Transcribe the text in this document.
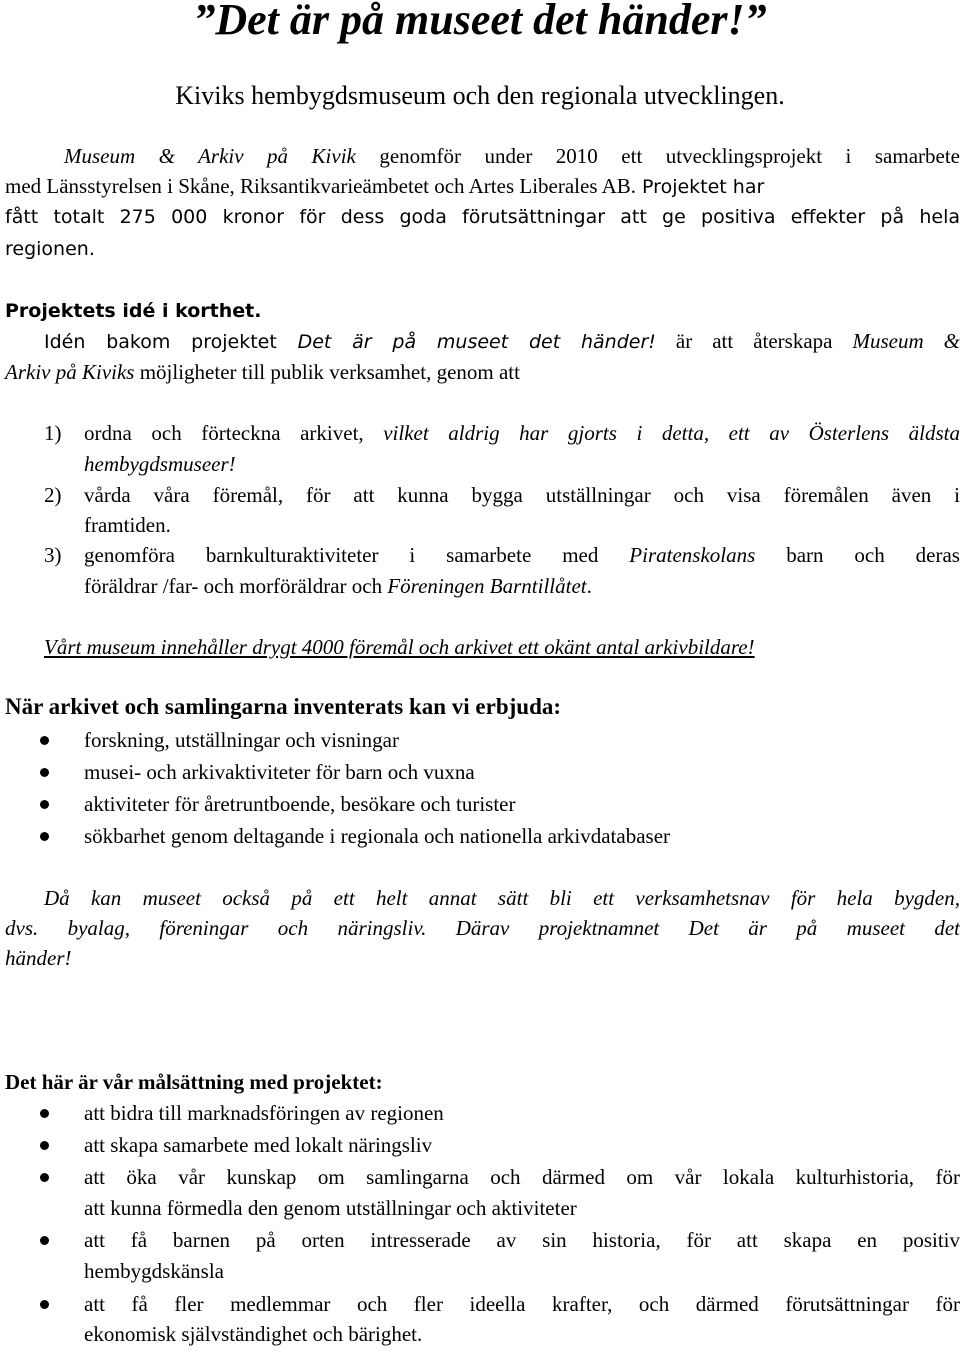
”Det är på museet det händer!”
Kiviks hembygdsmuseum och den regionala utvecklingen.
Museum & Arkiv på Kivik genomför under 2010 ett utvecklingsprojekt i samarbete
med Länsstyrelsen i Skåne, Riksantikvarieämbetet och Artes Liberales AB. Projektet har
fått totalt 275 000 kronor för dess goda förutsättningar att ge positiva effekter på hela
regionen.
Projektets idé i korthet.
Idén bakom projektet Det är på museet det händer! är att återskapa Museum &
Arkiv på Kiviks möjligheter till publik verksamhet, genom att
1) ordna och förteckna arkivet, vilket aldrig har gjorts i detta, ett av Österlens äldsta
hembygdsmuseer!
2) vårda våra föremål, för att kunna bygga utställningar och visa föremålen även i
framtiden.
3) genomföra barnkulturaktiviteter i samarbete med Piratenskolans barn och deras
föräldrar /far- och morföräldrar och Föreningen Barntillåtet.
Vårt museum innehåller drygt 4000 föremål och arkivet ett okänt antal arkivbildare!
När arkivet och samlingarna inventerats kan vi erbjuda:
forskning, utställningar och visningar
musei- och arkivaktiviteter för barn och vuxna
aktiviteter för åretruntboende, besökare och turister
sökbarhet genom deltagande i regionala och nationella arkivdatabaser
Då kan museet också på ett helt annat sätt bli ett verksamhetsnav för hela bygden,
dvs. byalag, föreningar och näringsliv. Därav projektnamnet Det är på museet det
händer!
Det här är vår målsättning med projektet:
att bidra till marknadsföringen av regionen
att skapa samarbete med lokalt näringsliv
att öka vår kunskap om samlingarna och därmed om vår lokala kulturhistoria, för
att kunna förmedla den genom utställningar och aktiviteter
att få barnen på orten intresserade av sin historia, för att skapa en positiv
hembygdskänsla
att få fler medlemmar och fler ideella krafter, och därmed förutsättningar för
ekonomisk självständighet och bärighet.
